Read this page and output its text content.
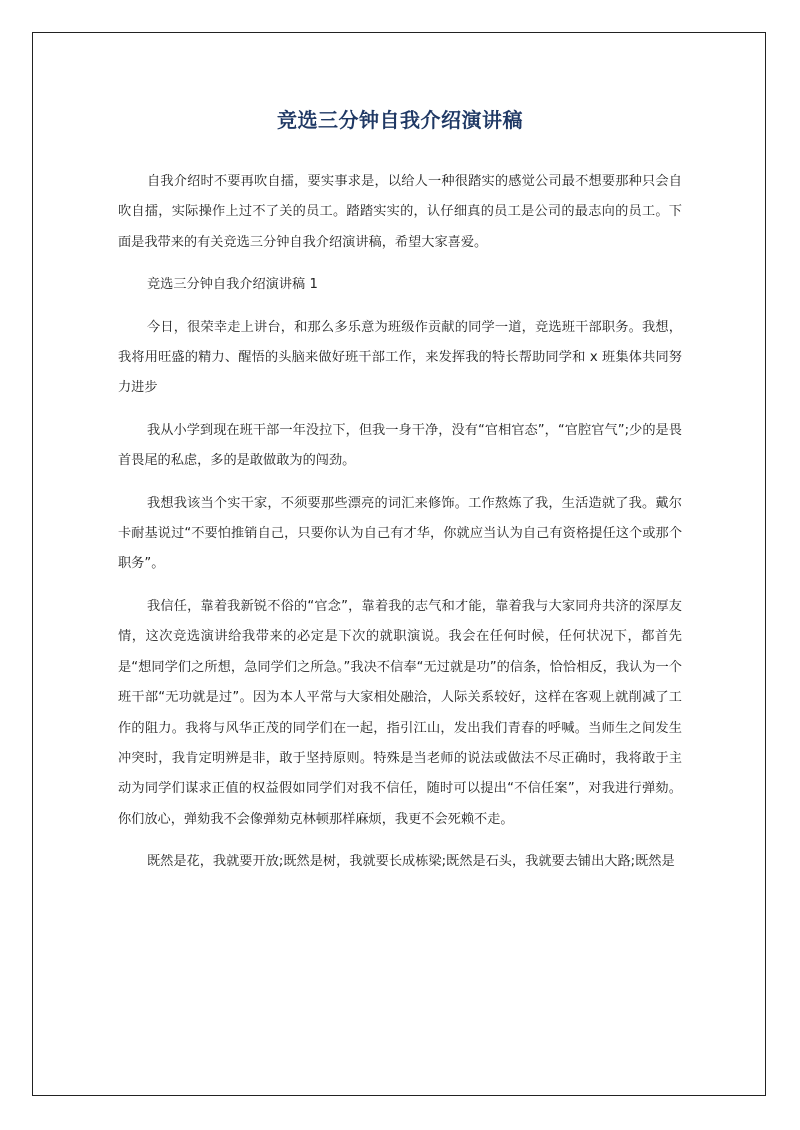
竞选三分钟自我介绍演讲稿

自我介绍时不要再吹自擂，要实事求是，以给人一种很踏实的感觉公司最不想要那种只会自吹自擂，实际操作上过不了关的员工。踏踏实实的，认仔细真的员工是公司的最志向的员工。下面是我带来的有关竞选三分钟自我介绍演讲稿，希望大家喜爱。

竞选三分钟自我介绍演讲稿 1

今日，很荣幸走上讲台，和那么多乐意为班级作贡献的同学一道，竞选班干部职务。我想，我将用旺盛的精力、醒悟的头脑来做好班干部工作，来发挥我的特长帮助同学和 x 班集体共同努力进步

我从小学到现在班干部一年没拉下，但我一身干净，没有“官相官态”，“官腔官气”;少的是畏首畏尾的私虑，多的是敢做敢为的闯劲。

我想我该当个实干家，不须要那些漂亮的词汇来修饰。工作熬炼了我，生活造就了我。戴尔卡耐基说过“不要怕推销自己，只要你认为自己有才华，你就应当认为自己有资格提任这个或那个职务”。

我信任，靠着我新锐不俗的“官念”，靠着我的志气和才能，靠着我与大家同舟共济的深厚友情，这次竞选演讲给我带来的必定是下次的就职演说。我会在任何时候，任何状况下，都首先是“想同学们之所想，急同学们之所急。”我决不信奉“无过就是功”的信条，恰恰相反，我认为一个班干部“无功就是过”。因为本人平常与大家相处融洽，人际关系较好，这样在客观上就削减了工作的阻力。我将与风华正茂的同学们在一起，指引江山，发出我们青春的呼喊。当师生之间发生冲突时，我肯定明辨是非，敢于坚持原则。特殊是当老师的说法或做法不尽正确时，我将敢于主动为同学们谋求正值的权益假如同学们对我不信任，随时可以提出“不信任案”，对我进行弹劾。你们放心，弹劾我不会像弹劾克林顿那样麻烦，我更不会死赖不走。

既然是花，我就要开放;既然是树，我就要长成栋梁;既然是石头，我就要去铺出大路;既然是
